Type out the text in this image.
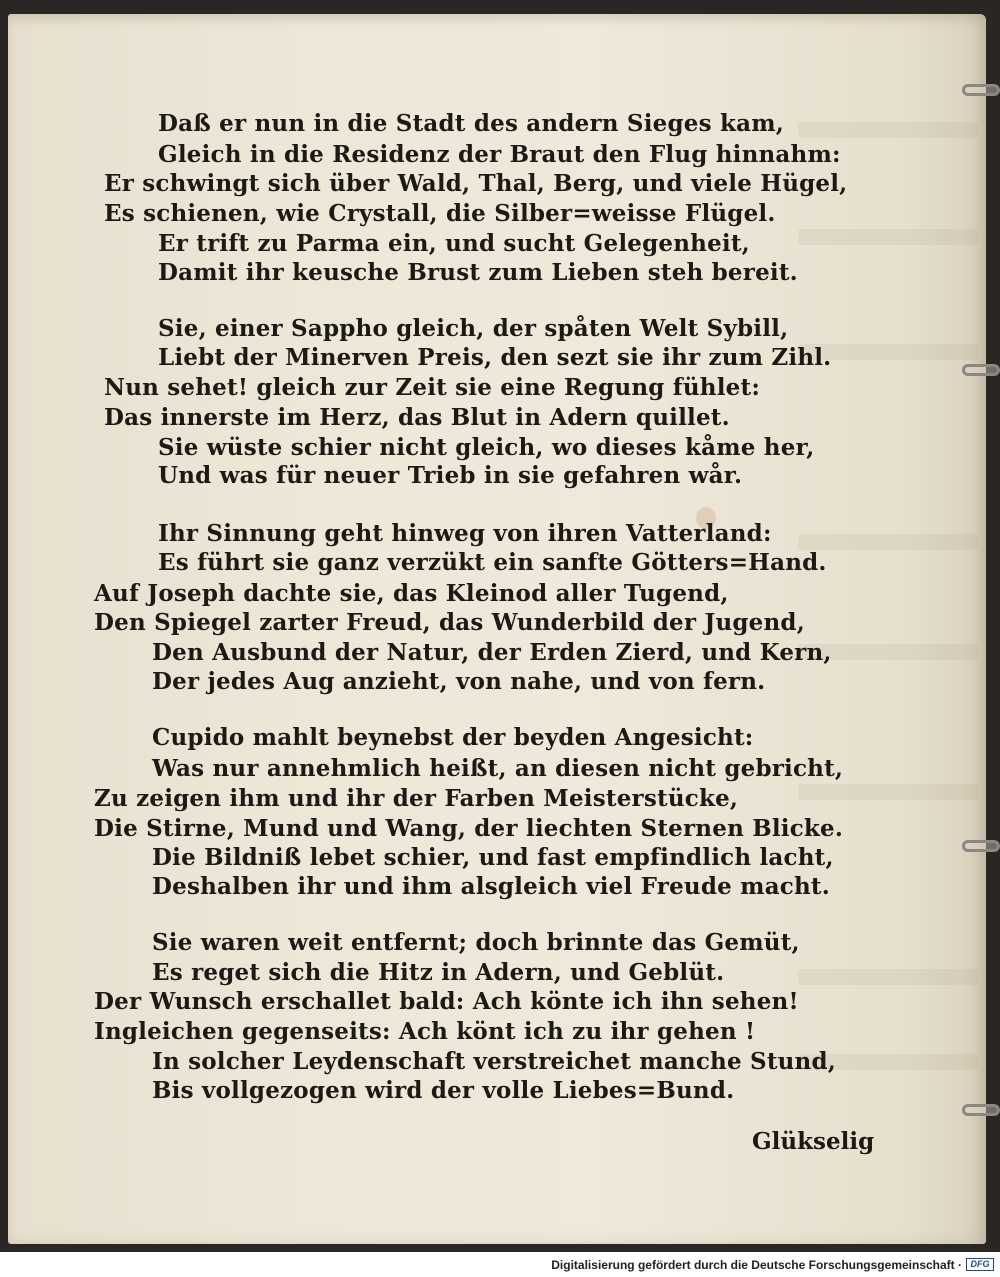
Daß er nun in die Stadt des andern Sieges kam,

Gleich in die Residenz der Braut den Flug hinnahm:

Er schwingt sich über Wald, Thal, Berg, und viele Hügel,

Es schienen, wie Crystall, die Silber=weisse Flügel.

Er trift zu Parma ein, und sucht Gelegenheit,

Damit ihr keusche Brust zum Lieben steh bereit.

Sie, einer Sappho gleich, der spåten Welt Sybill,

Liebt der Minerven Preis, den sezt sie ihr zum Zihl.

Nun sehet! gleich zur Zeit sie eine Regung fühlet:

Das innerste im Herz, das Blut in Adern quillet.

Sie wüste schier nicht gleich, wo dieses kåme her,

Und was für neuer Trieb in sie gefahren wår.

Ihr Sinnung geht hinweg von ihren Vatterland:

Es führt sie ganz verzükt ein sanfte Götters=Hand.

Auf Joseph dachte sie, das Kleinod aller Tugend,

Den Spiegel zarter Freud, das Wunderbild der Jugend,

Den Ausbund der Natur, der Erden Zierd, und Kern,

Der jedes Aug anzieht, von nahe, und von fern.

Cupido mahlt beynebst der beyden Angesicht:

Was nur annehmlich heißt, an diesen nicht gebricht,

Zu zeigen ihm und ihr der Farben Meisterstücke,

Die Stirne, Mund und Wang, der liechten Sternen Blicke.

Die Bildniß lebet schier, und fast empfindlich lacht,

Deshalben ihr und ihm alsgleich viel Freude macht.

Sie waren weit entfernt; doch brinnte das Gemüt,

Es reget sich die Hitz in Adern, und Geblüt.

Der Wunsch erschallet bald: Ach könte ich ihn sehen!

Ingleichen gegenseits: Ach könt ich zu ihr gehen !

In solcher Leydenschaft verstreichet manche Stund,

Bis vollgezogen wird der volle Liebes=Bund.

Glükselig

Digitalisierung gefördert durch die Deutsche Forschungsgemeinschaft · DFG
